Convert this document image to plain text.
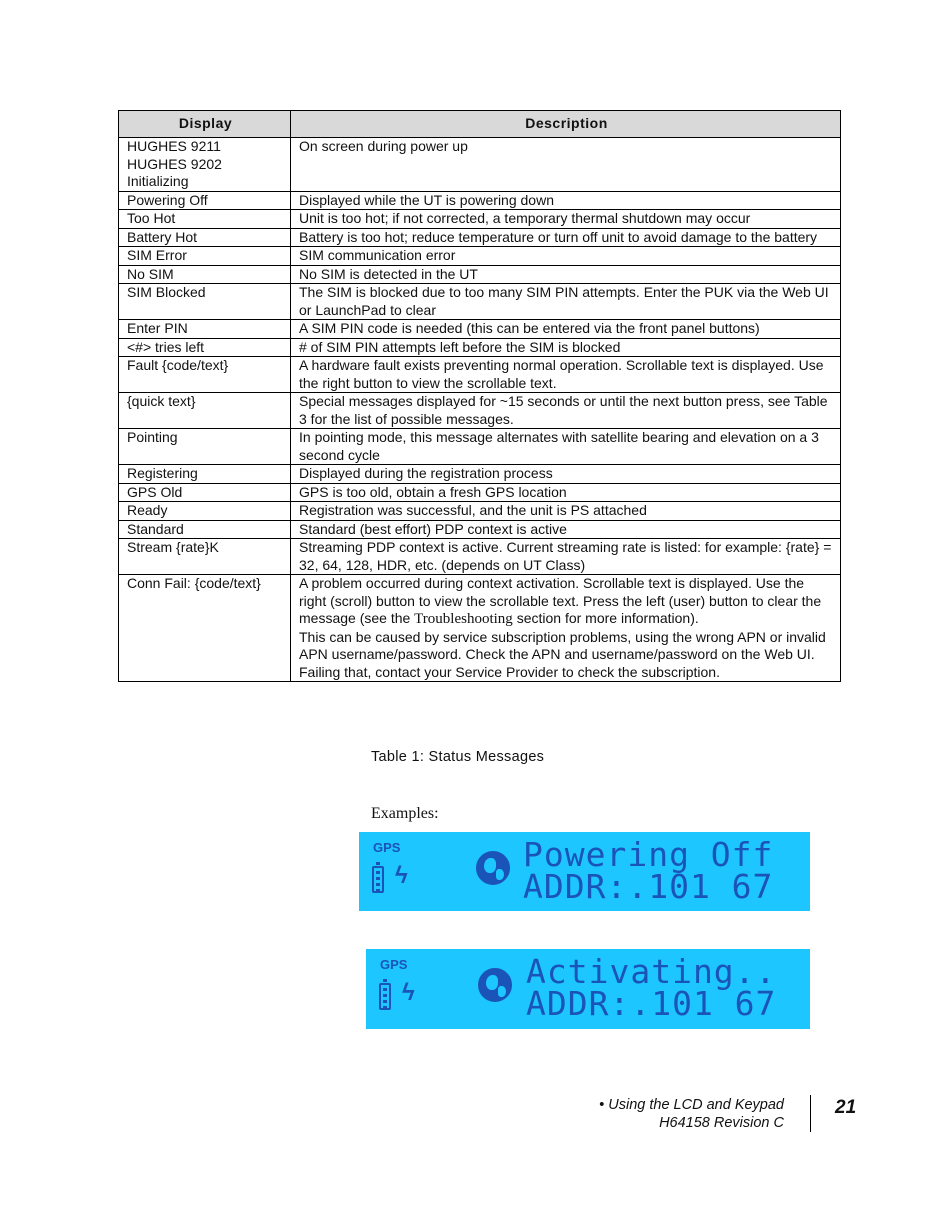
Display	Description

HUGHES 9211
HUGHES 9202
Initializing	On screen during power up

Powering Off	Displayed while the UT is powering down

Too Hot	Unit is too hot; if not corrected, a temporary thermal shutdown may occur

Battery Hot	Battery is too hot; reduce temperature or turn off unit to avoid damage to the battery

SIM Error	SIM communication error

No SIM	No SIM is detected in the UT

SIM Blocked	The SIM is blocked due to too many SIM PIN attempts. Enter the PUK via the Web UI or LaunchPad to clear

Enter PIN	A SIM PIN code is needed (this can be entered via the front panel buttons)

<#> tries left	# of SIM PIN attempts left before the SIM is blocked

Fault {code/text}	A hardware fault exists preventing normal operation. Scrollable text is displayed. Use the right button to view the scrollable text.

{quick text}	Special messages displayed for ~15 seconds or until the next button press, see Table 3 for the list of possible messages.

Pointing	In pointing mode, this message alternates with satellite bearing and elevation on a 3 second cycle

Registering	Displayed during the registration process

GPS Old	GPS is too old, obtain a fresh GPS location

Ready	Registration was successful, and the unit is PS attached

Standard	Standard (best effort) PDP context is active

Stream {rate}K	Streaming PDP context is active. Current streaming rate is listed: for example: {rate} = 32, 64, 128, HDR, etc. (depends on UT Class)

Conn Fail: {code/text}	A problem occurred during context activation. Scrollable text is displayed. Use the right (scroll) button to view the scrollable text. Press the left (user) button to clear the message (see the Troubleshooting section for more information).
This can be caused by service subscription problems, using the wrong APN or invalid APN username/password. Check the APN and username/password on the Web UI. Failing that, contact your Service Provider to check the subscription.
Table 1: Status Messages
Examples:
GPS
ϟ
Powering Off
ADDR:.101 67
GPS
ϟ
Activating..
ADDR:.101 67
• Using the LCD and Keypad
H64158 Revision C
21
